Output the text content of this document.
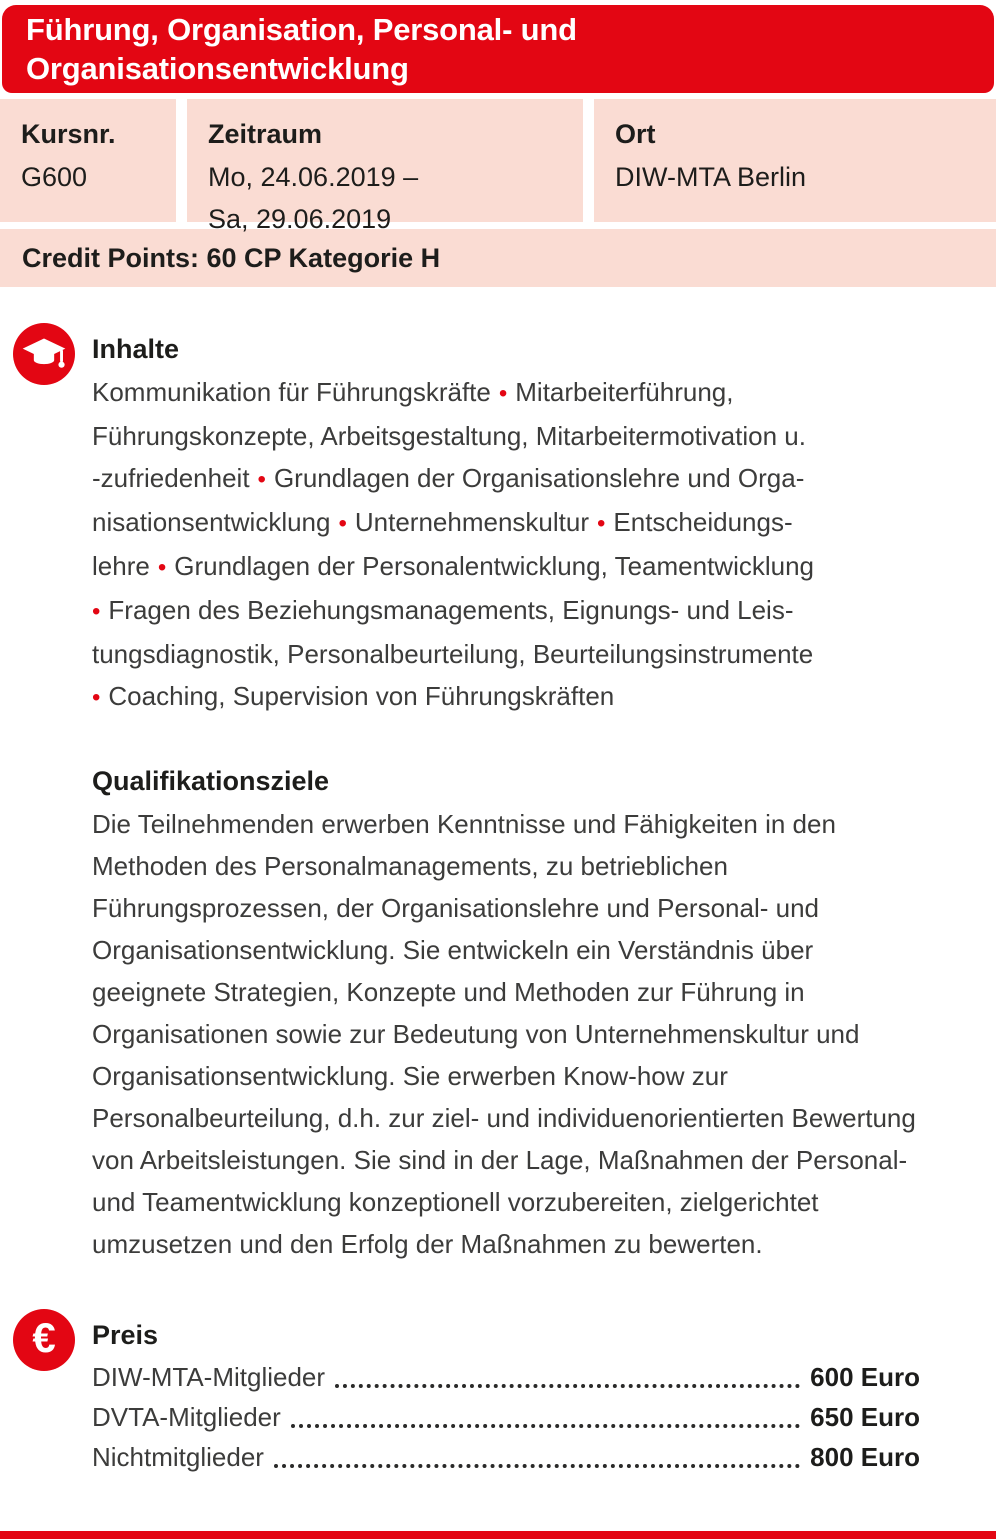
Führung, Organisation, Personal- und Organisationsentwicklung
Kursnr.
G600
Zeitraum
Mo, 24.06.2019 –
Sa, 29.06.2019
Ort
DIW-MTA Berlin
Credit Points: 60 CP Kategorie H
Inhalte
Kommunikation für Führungskräfte • Mitarbeiterführung,
Führungskonzepte, Arbeitsgestaltung, Mitarbeitermotivation u.
-zufriedenheit • Grundlagen der Organisationslehre und Orga-
nisationsentwicklung • Unternehmenskultur • Entscheidungs-
lehre • Grundlagen der Personalentwicklung, Teamentwicklung
• Fragen des Beziehungsmanagements, Eignungs- und Leis-
tungsdiagnostik, Personalbeurteilung, Beurteilungsinstrumente
• Coaching, Supervision von Führungskräften
Qualifikationsziele

Die Teilnehmenden erwerben Kenntnisse und Fähigkeiten in den Methoden des Personalmanagements, zu betrieblichen Führungsprozessen, der Organisationslehre und Personal- und Organisationsentwicklung. Sie entwickeln ein Verständnis über geeignete Strategien, Konzepte und Methoden zur Führung in Organisationen sowie zur Bedeutung von Unternehmenskultur und Organisationsentwicklung. Sie erwerben Know-how zur Personalbeurteilung, d.h. zur ziel- und individuenorientierten Bewertung von Arbeitsleistungen. Sie sind in der Lage, Maßnahmen der Personal- und Teamentwicklung konzeptionell vorzubereiten, zielgerichtet umzusetzen und den Erfolg der Maßnahmen zu bewerten.

€ Preis
DIW-MTA-Mitglieder	600 Euro
DVTA-Mitglieder	650 Euro
Nichtmitglieder	800 Euro
